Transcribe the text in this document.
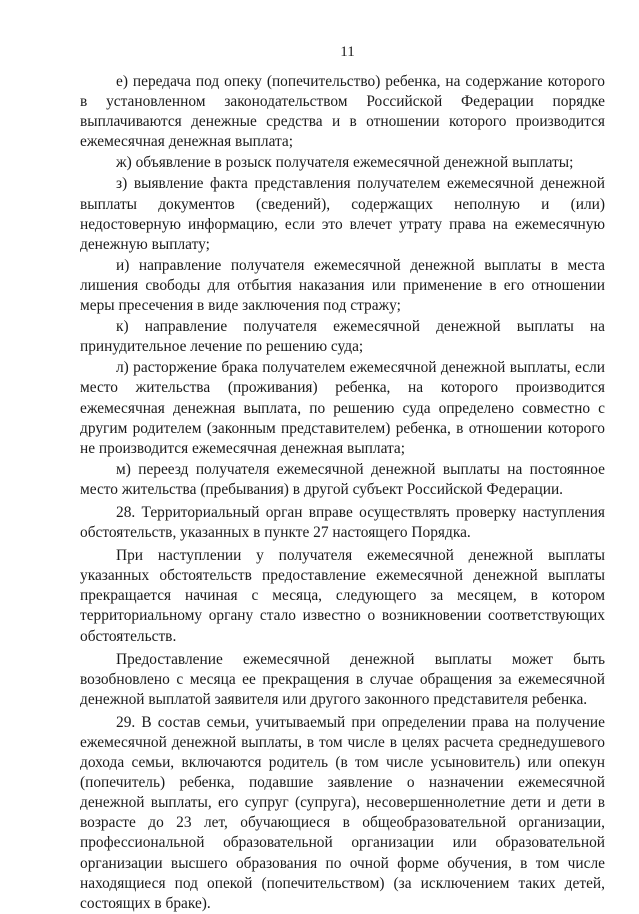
11

е) передача под опеку (попечительство) ребенка, на содержание которого в установленном законодательством Российской Федерации порядке выплачиваются денежные средства и в отношении которого производится ежемесячная денежная выплата;

ж) объявление в розыск получателя ежемесячной денежной выплаты;

з) выявление факта представления получателем ежемесячной денежной выплаты документов (сведений), содержащих неполную и (или) недостоверную информацию, если это влечет утрату права на ежемесячную денежную выплату;

и) направление получателя ежемесячной денежной выплаты в места лишения свободы для отбытия наказания или применение в его отношении меры пресечения в виде заключения под стражу;

к) направление получателя ежемесячной денежной выплаты на принудительное лечение по решению суда;

л) расторжение брака получателем ежемесячной денежной выплаты, если место жительства (проживания) ребенка, на которого производится ежемесячная денежная выплата, по решению суда определено совместно с другим родителем (законным представителем) ребенка, в отношении которого не производится ежемесячная денежная выплата;

м) переезд получателя ежемесячной денежной выплаты на постоянное место жительства (пребывания) в другой субъект Российской Федерации.

28. Территориальный орган вправе осуществлять проверку наступления обстоятельств, указанных в пункте 27 настоящего Порядка.

При наступлении у получателя ежемесячной денежной выплаты указанных обстоятельств предоставление ежемесячной денежной выплаты прекращается начиная с месяца, следующего за месяцем, в котором территориальному органу стало известно о возникновении соответствующих обстоятельств.

Предоставление ежемесячной денежной выплаты может быть возобновлено с месяца ее прекращения в случае обращения за ежемесячной денежной выплатой заявителя или другого законного представителя ребенка.

29. В состав семьи, учитываемый при определении права на получение ежемесячной денежной выплаты, в том числе в целях расчета среднедушевого дохода семьи, включаются родитель (в том числе усыновитель) или опекун (попечитель) ребенка, подавшие заявление о назначении ежемесячной денежной выплаты, его супруг (супруга), несовершеннолетние дети и дети в возрасте до 23 лет, обучающиеся в общеобразовательной организации, профессиональной образовательной организации или образовательной организации высшего образования по очной форме обучения, в том числе находящиеся под опекой (попечительством) (за исключением таких детей, состоящих в браке).
